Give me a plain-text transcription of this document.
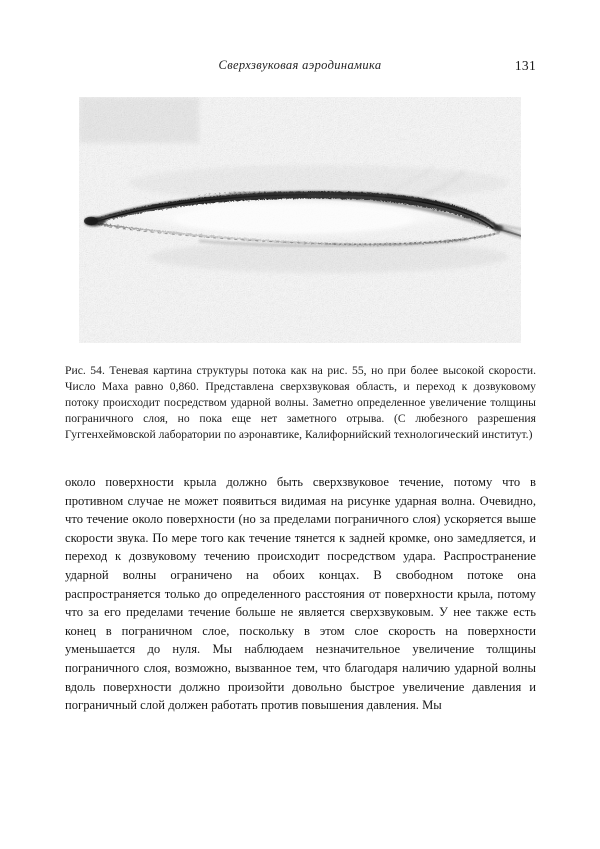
Сверхзвуковая аэродинамика	131
Рис. 54. Теневая картина структуры потока как на рис. 55, но при более высокой скорости. Число Маха равно 0,860. Представлена сверхзвуковая область, и переход к дозвуковому потоку происходит посредством ударной волны. Заметно определенное увеличение толщины пограничного слоя, но пока еще нет заметного отрыва. (С любезного разрешения Гуггенхеймовской лаборатории по аэронавтике, Калифорнийский технологический институт.)

около поверхности крыла должно быть сверхзвуковое течение, потому что в противном случае не может появиться видимая на рисунке ударная волна. Очевидно, что течение около поверхности (но за пределами пограничного слоя) ускоряется выше скорости звука. По мере того как течение тянется к задней кромке, оно замедляется, и переход к дозвуковому течению происходит посредством удара. Распространение ударной волны ограничено на обоих концах. В свободном потоке она распространяется только до определенного расстояния от поверхности крыла, потому что за его пределами течение больше не является сверхзвуковым. У нее также есть конец в пограничном слое, поскольку в этом слое скорость на поверхности уменьшается до нуля. Мы наблюдаем незначительное увеличение толщины пограничного слоя, возможно, вызванное тем, что благодаря наличию ударной волны вдоль поверхности должно произойти довольно быстрое увеличение давления и пограничный слой должен работать против повышения давления. Мы
